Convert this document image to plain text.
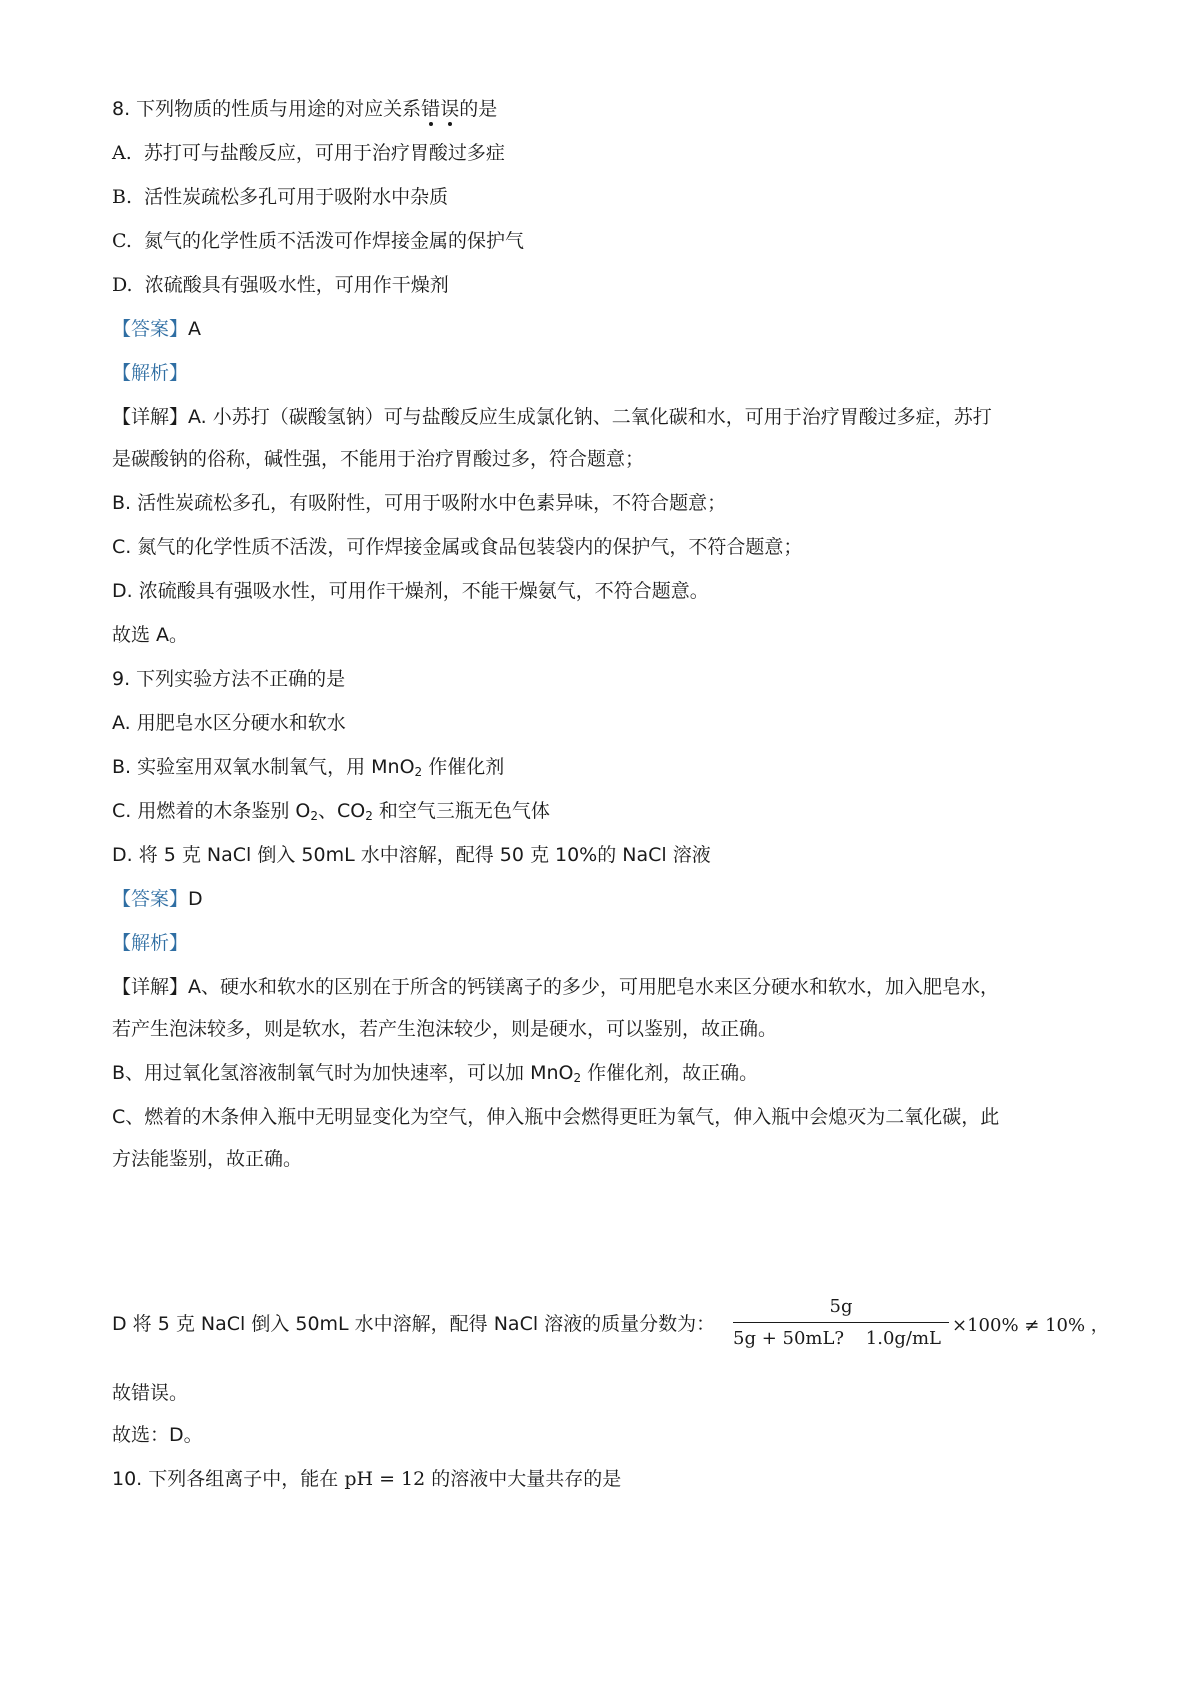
8. 下列物质的性质与用途的对应关系错误的是
A. 苏打可与盐酸反应，可用于治疗胃酸过多症
B. 活性炭疏松多孔可用于吸附水中杂质
C. 氮气的化学性质不活泼可作焊接金属的保护气
D. 浓硫酸具有强吸水性，可用作干燥剂
【答案】A
【解析】
【详解】A. 小苏打（碳酸氢钠）可与盐酸反应生成氯化钠、二氧化碳和水，可用于治疗胃酸过多症，苏打
是碳酸钠的俗称，碱性强，不能用于治疗胃酸过多，符合题意；
B. 活性炭疏松多孔，有吸附性，可用于吸附水中色素异味，不符合题意；
C. 氮气的化学性质不活泼，可作焊接金属或食品包装袋内的保护气，不符合题意；
D. 浓硫酸具有强吸水性，可用作干燥剂，不能干燥氨气，不符合题意。
故选 A。
9. 下列实验方法不正确的是
A. 用肥皂水区分硬水和软水
B. 实验室用双氧水制氧气，用 MnO$_2$ 作催化剂
C. 用燃着的木条鉴别 $O_2$、$CO_2$ 和空气三瓶无色气体
D. 将 5 克 NaCl 倒入 50mL 水中溶解，配得 50 克 10%的 NaCl 溶液
【答案】D
【解析】
【详解】A、硬水和软水的区别在于所含的钙镁离子的多少，可用肥皂水来区分硬水和软水，加入肥皂水，
若产生泡沫较多，则是软水，若产生泡沫较少，则是硬水，可以鉴别，故正确。
B、用过氧化氢溶液制氧气时为加快速率，可以加 MnO$_2$ 作催化剂，故正确。
C、燃着的木条伸入瓶中无明显变化为空气，伸入瓶中会燃得更旺为氧气，伸入瓶中会熄灭为二氧化碳，此
方法能鉴别，故正确。
D 将 5 克 NaCl 倒入 50mL 水中溶解，配得 NaCl 溶液的质量分数为：
5g
5g + 50mL? 1.0g/mL
×100% ≠ 10% ，
故错误。
故选：D。
10. 下列各组离子中，能在 pH = 12 的溶液中大量共存的是
